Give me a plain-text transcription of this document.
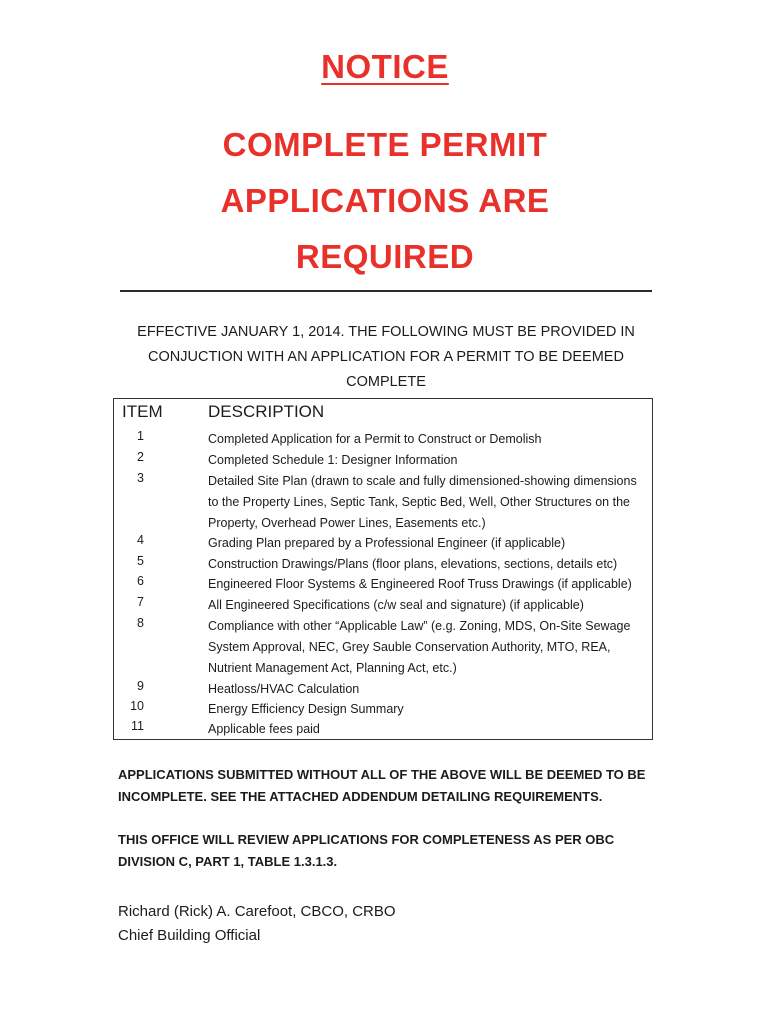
NOTICE
COMPLETE PERMIT
APPLICATIONS ARE
REQUIRED
EFFECTIVE JANUARY 1, 2014. THE FOLLOWING MUST BE PROVIDED IN CONJUCTION WITH AN APPLICATION FOR A PERMIT TO BE DEEMED COMPLETE
ITEM	DESCRIPTION
1	Completed Application for a Permit to Construct or Demolish
2	Completed Schedule 1: Designer Information
3	Detailed Site Plan (drawn to scale and fully dimensioned-showing dimensions to the Property Lines, Septic Tank, Septic Bed, Well, Other Structures on the Property, Overhead Power Lines, Easements etc.)
4	Grading Plan prepared by a Professional Engineer (if applicable)
5	Construction Drawings/Plans (floor plans, elevations, sections, details etc)
6	Engineered Floor Systems & Engineered Roof Truss Drawings (if applicable)
7	All Engineered Specifications (c/w seal and signature) (if applicable)
8	Compliance with other “Applicable Law” (e.g. Zoning, MDS, On-Site Sewage System Approval, NEC, Grey Sauble Conservation Authority, MTO, REA, Nutrient Management Act, Planning Act, etc.)
9	Heatloss/HVAC Calculation
10	Energy Efficiency Design Summary
11	Applicable fees paid
APPLICATIONS SUBMITTED WITHOUT ALL OF THE ABOVE WILL BE DEEMED TO BE INCOMPLETE. SEE THE ATTACHED ADDENDUM DETAILING REQUIREMENTS.
THIS OFFICE WILL REVIEW APPLICATIONS FOR COMPLETENESS AS PER OBC DIVISION C, PART 1, TABLE 1.3.1.3.
Richard (Rick) A. Carefoot, CBCO, CRBO
Chief Building Official
